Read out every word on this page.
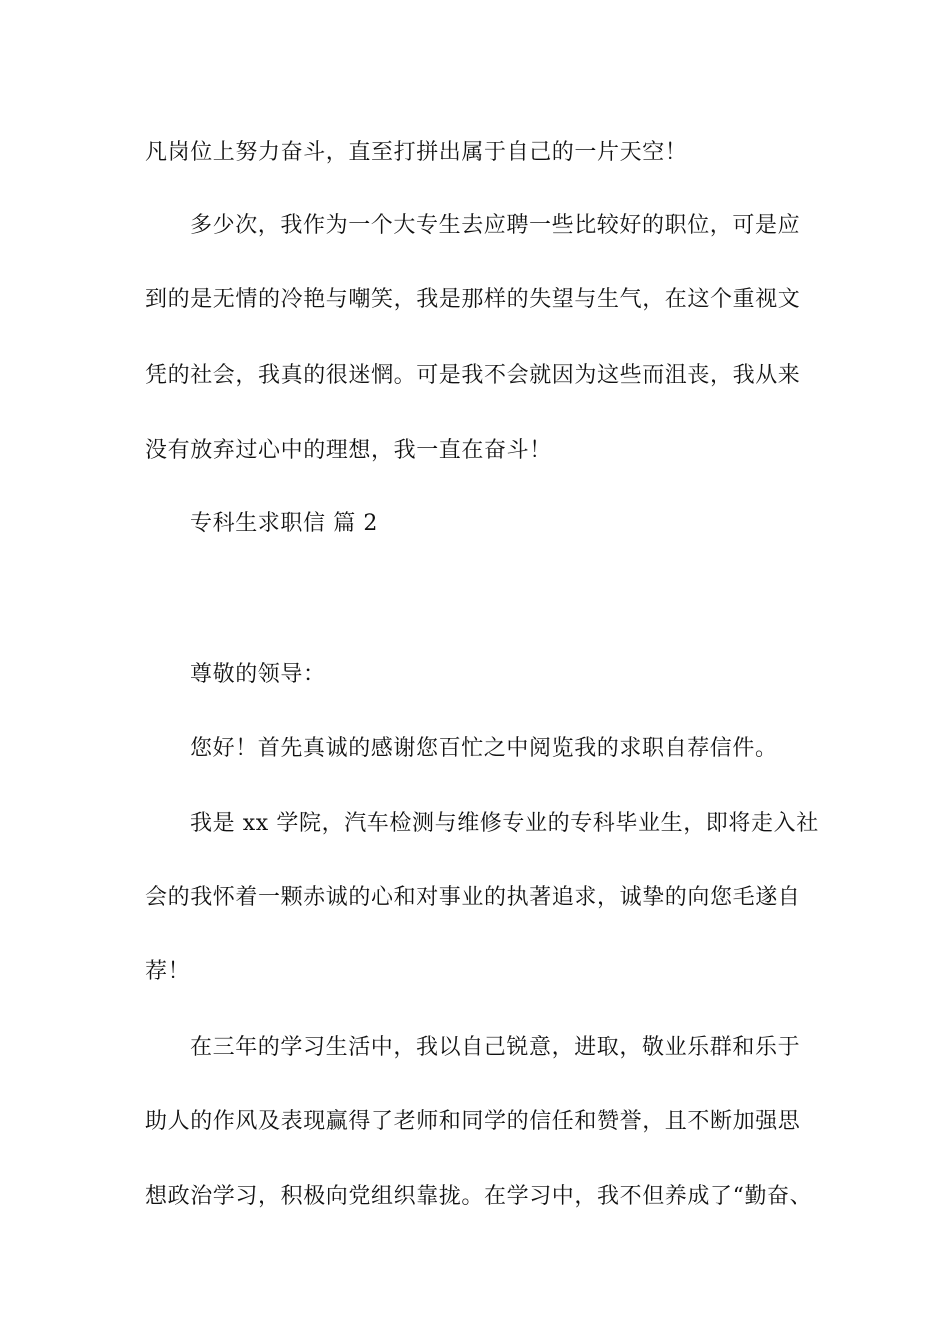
凡岗位上努力奋斗，直至打拼出属于自己的一片天空！

多少次，我作为一个大专生去应聘一些比较好的职位，可是应

到的是无情的冷艳与嘲笑，我是那样的失望与生气，在这个重视文

凭的社会，我真的很迷惘。可是我不会就因为这些而沮丧，我从来

没有放弃过心中的理想，我一直在奋斗！

专科生求职信 篇 2

尊敬的领导：

您好！首先真诚的感谢您百忙之中阅览我的求职自荐信件。

我是 xx 学院，汽车检测与维修专业的专科毕业生，即将走入社

会的我怀着一颗赤诚的心和对事业的执著追求，诚挚的向您毛遂自

荐！

在三年的学习生活中，我以自己锐意，进取，敬业乐群和乐于

助人的作风及表现赢得了老师和同学的信任和赞誉，且不断加强思

想政治学习，积极向党组织靠拢。在学习中，我不但养成了“勤奋、
